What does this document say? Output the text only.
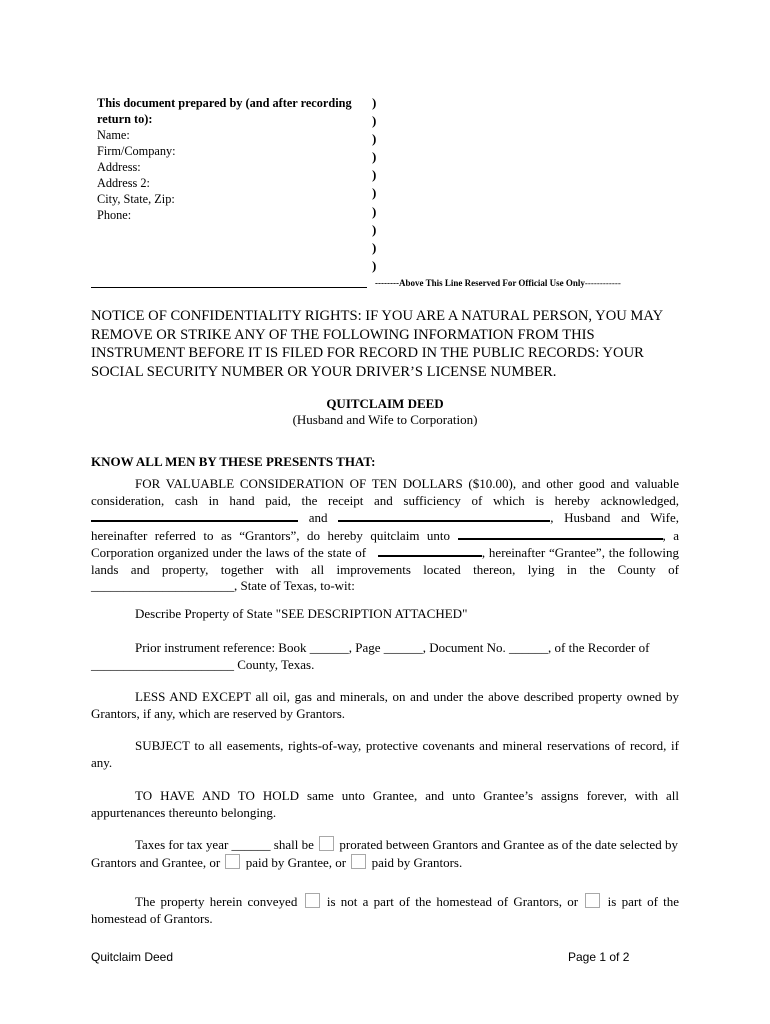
This document prepared by (and after recording
return to):
Name:
Firm/Company:
Address:
Address 2:
City, State, Zip:
Phone:
)
)
)
)
)
)
)
)
)
)
--------Above This Line Reserved For Official Use Only------------
NOTICE OF CONFIDENTIALITY RIGHTS: IF YOU ARE A NATURAL PERSON, YOU MAY REMOVE OR STRIKE ANY OF THE FOLLOWING INFORMATION FROM THIS INSTRUMENT BEFORE IT IS FILED FOR RECORD IN THE PUBLIC RECORDS: YOUR SOCIAL SECURITY NUMBER OR YOUR DRIVER’S LICENSE NUMBER.
QUITCLAIM DEED
(Husband and Wife to Corporation)
KNOW ALL MEN BY THESE PRESENTS THAT:

FOR VALUABLE CONSIDERATION OF TEN DOLLARS ($10.00), and other good and valuable consideration, cash in hand paid, the receipt and sufficiency of which is hereby acknowledged,  and	, Husband and Wife, hereinafter referred to as “Grantors”, do hereby quitclaim unto	, a Corporation organized under the laws of the state of	, hereinafter “Grantee”, the following lands and property, together with all improvements located thereon, lying in the County of ______________________, State of Texas, to-wit:

Describe Property of State "SEE DESCRIPTION ATTACHED"

Prior instrument reference: Book ______, Page ______, Document No. ______, of the Recorder of

______________________ County, Texas.

LESS AND EXCEPT all oil, gas and minerals, on and under the above described property owned by Grantors, if any, which are reserved by Grantors.

SUBJECT to all easements, rights-of-way, protective covenants and mineral reservations of record, if any.

TO HAVE AND TO HOLD same unto Grantee, and unto Grantee’s assigns forever, with all appurtenances thereunto belonging.

Taxes for tax year ______ shall be prorated between Grantors and Grantee as of the date selected by Grantors and Grantee, or paid by Grantee, or paid by Grantors.

The property herein conveyed is not a part of the homestead of Grantors, or is part of the homestead of Grantors.

Quitclaim Deed	Page 1 of 2
